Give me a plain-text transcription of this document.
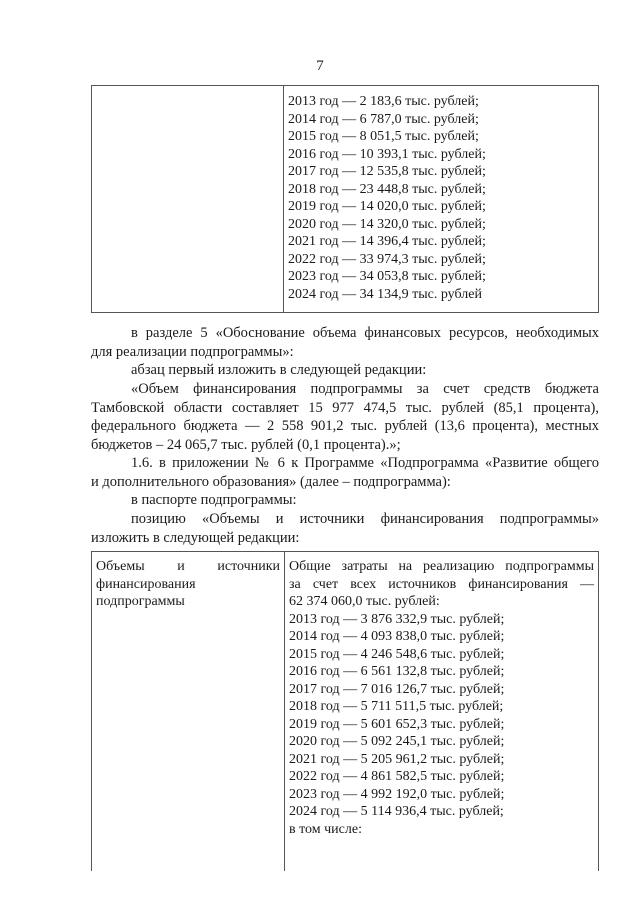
7
2013 год — 2 183,6 тыс. рублей;
2014 год — 6 787,0 тыс. рублей;
2015 год — 8 051,5 тыс. рублей;
2016 год — 10 393,1 тыс. рублей;
2017 год — 12 535,8 тыс. рублей;
2018 год — 23 448,8 тыс. рублей;
2019 год — 14 020,0 тыс. рублей;
2020 год — 14 320,0 тыс. рублей;
2021 год — 14 396,4 тыс. рублей;
2022 год — 33 974,3 тыс. рублей;
2023 год — 34 053,8 тыс. рублей;
2024 год — 34 134,9 тыс. рублей
в разделе 5 «Обоснование объема финансовых ресурсов, необходимых
для реализации подпрограммы»:
абзац первый изложить в следующей редакции:
«Объем финансирования подпрограммы за счет средств бюджета
Тамбовской области составляет 15 977 474,5 тыс. рублей (85,1 процента),
федерального бюджета — 2 558 901,2 тыс. рублей (13,6 процента), местных
бюджетов – 24 065,7 тыс. рублей (0,1 процента).»;
1.6. в приложении № 6 к Программе «Подпрограмма «Развитие общего
и дополнительного образования» (далее – подпрограмма):
в паспорте подпрограммы:
позицию «Объемы и источники финансирования подпрограммы»
изложить в следующей редакции:
Объемы и источники
финансирования
подпрограммы
Общие затраты на реализацию подпрограммы
за счет всех источников финансирования —
62 374 060,0 тыс. рублей:
2013 год — 3 876 332,9 тыс. рублей;
2014 год — 4 093 838,0 тыс. рублей;
2015 год — 4 246 548,6 тыс. рублей;
2016 год — 6 561 132,8 тыс. рублей;
2017 год — 7 016 126,7 тыс. рублей;
2018 год — 5 711 511,5 тыс. рублей;
2019 год — 5 601 652,3 тыс. рублей;
2020 год — 5 092 245,1 тыс. рублей;
2021 год — 5 205 961,2 тыс. рублей;
2022 год — 4 861 582,5 тыс. рублей;
2023 год — 4 992 192,0 тыс. рублей;
2024 год — 5 114 936,4 тыс. рублей;
в том числе:
